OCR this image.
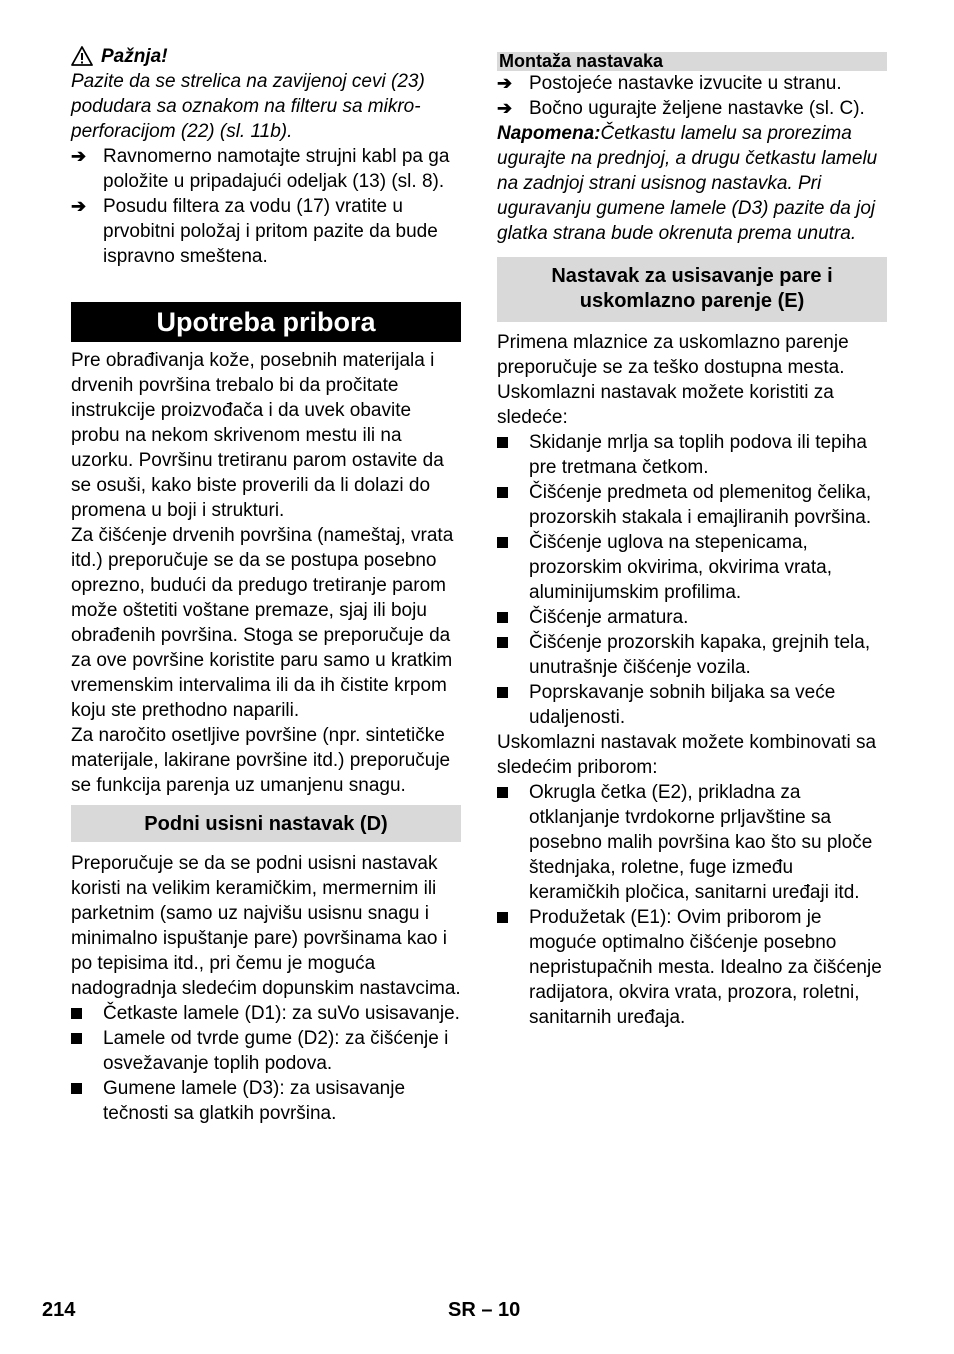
Pažnja!

Pazite da se strelica na zavijenoj cevi (23) podudara sa oznakom na filteru sa mikro-perforacijom (22) (sl. 11b).

➔ Ravnomerno namotajte strujni kabl pa ga položite u pripadajući odeljak (13) (sl. 8).
➔ Posudu filtera za vodu (17) vratite u prvobitni položaj i pritom pazite da bude ispravno smeštena.
Upotreba pribora

Pre obrađivanja kože, posebnih materijala i drvenih površina trebalo bi da pročitate instrukcije proizvođača i da uvek obavite probu na nekom skrivenom mestu ili na uzorku. Površinu tretiranu parom ostavite da se osuši, kako biste proverili da li dolazi do promena u boji i strukturi.

Za čišćenje drvenih površina (nameštaj, vrata itd.) preporučuje se da se postupa posebno oprezno, budući da predugo tretiranje parom može oštetiti voštane premaze, sjaj ili boju obrađenih površina. Stoga se preporučuje da za ove površine koristite paru samo u kratkim vremenskim intervalima ili da ih čistite krpom koju ste prethodno naparili.

Za naročito osetljive površine (npr. sintetičke materijale, lakirane površine itd.) preporučuje se funkcija parenja uz umanjenu snagu.

Podni usisni nastavak (D)

Preporučuje se da se podni usisni nastavak koristi na velikim keramičkim, mermernim ili parketnim (samo uz najvišu usisnu snagu i minimalno ispuštanje pare) površinama kao i po tepisima itd., pri čemu je moguća nadogradnja sledećim dopunskim nastavcima.

Četkaste lamele (D1): za suVo usisavanje.
Lamele od tvrde gume (D2): za čišćenje i osvežavanje toplih podova.
Gumene lamele (D3): za usisavanje tečnosti sa glatkih površina.
Montaža nastavaka
➔ Postojeće nastavke izvucite u stranu.
➔ Bočno ugurajte željene nastavke (sl. C).

Napomena:Četkastu lamelu sa prorezima ugurajte na prednjoj, a drugu četkastu lamelu na zadnjoj strani usisnog nastavka. Pri uguravanju gumene lamele (D3) pazite da joj glatka strana bude okrenuta prema unutra.

Nastavak za usisavanje pare i uskomlazno parenje (E)

Primena mlaznice za uskomlazno parenje preporučuje se za teško dostupna mesta. Uskomlazni nastavak možete koristiti za sledeće:

Skidanje mrlja sa toplih podova ili tepiha pre tretmana četkom.
Čišćenje predmeta od plemenitog čelika, prozorskih stakala i emajliranih površina.
Čišćenje uglova na stepenicama, prozorskim okvirima, okvirima vrata, aluminijumskim profilima.
Čišćenje armatura.
Čišćenje prozorskih kapaka, grejnih tela, unutrašnje čišćenje vozila.
Poprskavanje sobnih biljaka sa veće udaljenosti.

Uskomlazni nastavak možete kombinovati sa sledećim priborom:

Okrugla četka (E2), prikladna za otklanjanje tvrdokorne prljavštine sa posebno malih površina kao što su ploče štednjaka, roletne, fuge između keramičkih pločica, sanitarni uređaji itd.
Produžetak (E1): Ovim priborom je moguće optimalno čišćenje posebno nepristupačnih mesta. Idealno za čišćenje radijatora, okvira vrata, prozora, roletni, sanitarnih uređaja.
214	SR – 10
